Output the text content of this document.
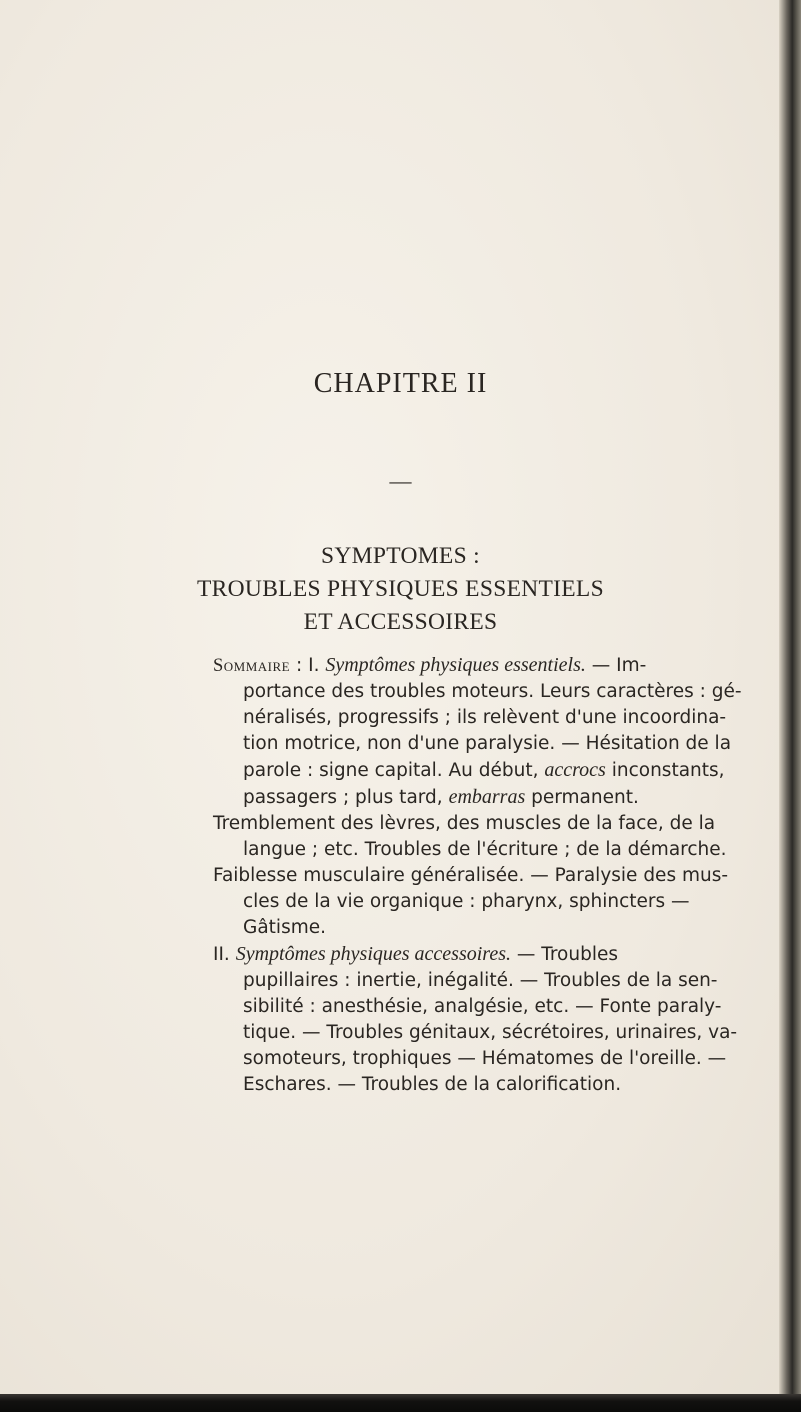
CHAPITRE II
—
SYMPTOMES :
TROUBLES PHYSIQUES ESSENTIELS
ET ACCESSOIRES
Sommaire : I. Symptômes physiques essentiels. — Im-
portance des troubles moteurs. Leurs caractères : gé-
néralisés, progressifs ; ils relèvent d'une incoordina-
tion motrice, non d'une paralysie. — Hésitation de la
parole : signe capital. Au début, accrocs inconstants,
passagers ; plus tard, embarras permanent.
Tremblement des lèvres, des muscles de la face, de la
langue ; etc. Troubles de l'écriture ; de la démarche.
Faiblesse musculaire généralisée. — Paralysie des mus-
cles de la vie organique : pharynx, sphincters —
Gâtisme.
II. Symptômes physiques accessoires. — Troubles
pupillaires : inertie, inégalité. — Troubles de la sen-
sibilité : anesthésie, analgésie, etc. — Fonte paraly-
tique. — Troubles génitaux, sécrétoires, urinaires, va-
somoteurs, trophiques — Hématomes de l'oreille. —
Eschares. — Troubles de la calorification.
